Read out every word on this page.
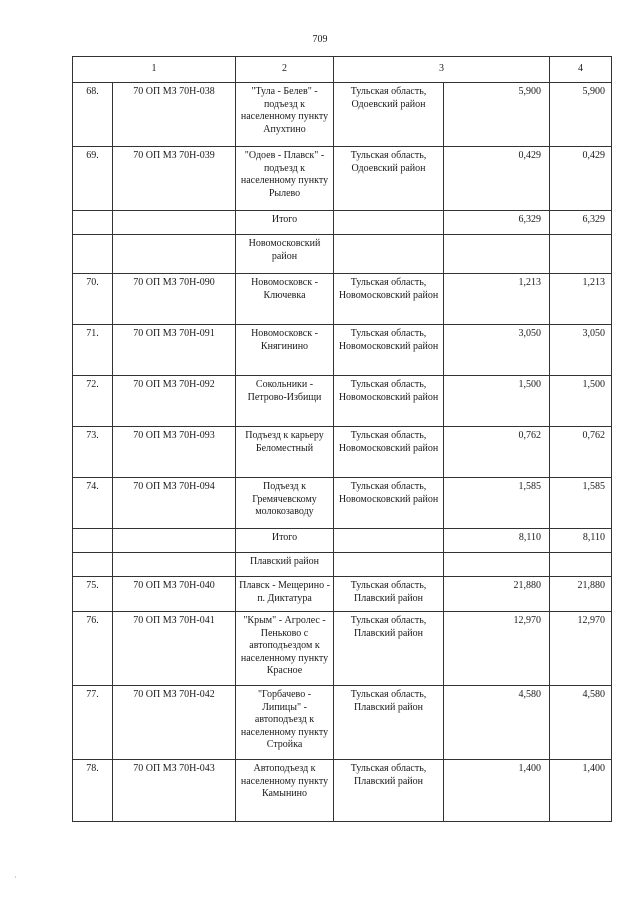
709
1		2	3		4
68.	70 ОП МЗ 70Н-038	"Тула - Белев" - подъезд к населенному пункту Апухтино	Тульская область, Одоевский район	5,900	5,900
69.	70 ОП МЗ 70Н-039	"Одоев - Плавск" - подъезд к населенному пункту Рылево	Тульская область, Одоевский район	0,429	0,429
		Итого		6,329	6,329
		Новомосковский район			
70.	70 ОП МЗ 70Н-090	Новомосковск - Ключевка	Тульская область, Новомосковский район	1,213	1,213
71.	70 ОП МЗ 70Н-091	Новомосковск - Княгинино	Тульская область, Новомосковский район	3,050	3,050
72.	70 ОП МЗ 70Н-092	Сокольники - Петрово-Избищи	Тульская область, Новомосковский район	1,500	1,500
73.	70 ОП МЗ 70Н-093	Подъезд к карьеру Беломестный	Тульская область, Новомосковский район	0,762	0,762
74.	70 ОП МЗ 70Н-094	Подъезд к Гремячевскому молокозаводу	Тульская область, Новомосковский район	1,585	1,585
		Итого		8,110	8,110
		Плавский район			
75.	70 ОП МЗ 70Н-040	Плавск - Мещерино - п. Диктатура	Тульская область, Плавский район	21,880	21,880
76.	70 ОП МЗ 70Н-041	"Крым" - Агролес - Пеньково с автоподъездом к населенному пункту Красное	Тульская область, Плавский район	12,970	12,970
77.	70 ОП МЗ 70Н-042	"Горбачево - Липицы" - автоподъезд к населенному пункту Стройка	Тульская область, Плавский район	4,580	4,580
78.	70 ОП МЗ 70Н-043	Автоподъезд к населенному пункту Камынино	Тульская область, Плавский район	1,400	1,400
·
